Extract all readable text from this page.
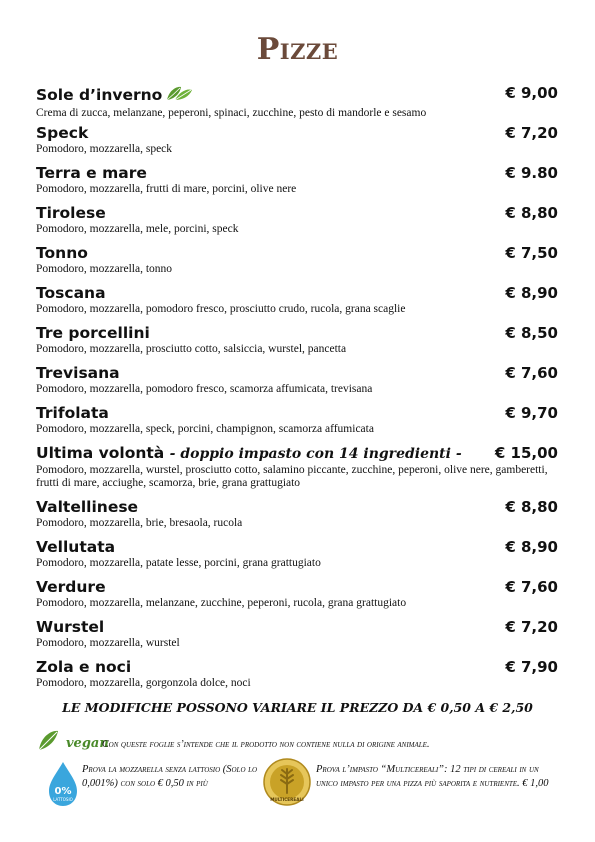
Pizze
Sole d’inverno	€ 9,00
Crema di zucca, melanzane, peperoni, spinaci, zucchine, pesto di mandorle e sesamo
Speck	€ 7,20
Pomodoro, mozzarella, speck
Terra e mare	€ 9.80
Pomodoro, mozzarella, frutti di mare, porcini, olive nere
Tirolese	€ 8,80
Pomodoro, mozzarella, mele, porcini, speck
Tonno	€ 7,50
Pomodoro, mozzarella, tonno
Toscana	€ 8,90
Pomodoro, mozzarella, pomodoro fresco, prosciutto crudo, rucola, grana scaglie
Tre porcellini	€ 8,50
Pomodoro, mozzarella, prosciutto cotto, salsiccia, wurstel, pancetta
Trevisana	€ 7,60
Pomodoro, mozzarella, pomodoro fresco, scamorza affumicata, trevisana
Trifolata	€ 9,70
Pomodoro, mozzarella, speck, porcini, champignon, scamorza affumicata
Ultima volontà - doppio impasto con 14 ingredienti -	€ 15,00
Pomodoro, mozzarella, wurstel, prosciutto cotto, salamino piccante, zucchine, peperoni, olive nere, gamberetti, frutti di mare, acciughe, scamorza, brie, grana grattugiato
Valtellinese	€ 8,80
Pomodoro, mozzarella, brie, bresaola, rucola
Vellutata	€ 8,90
Pomodoro, mozzarella, patate lesse, porcini, grana grattugiato
Verdure	€ 7,60
Pomodoro, mozzarella, melanzane, zucchine, peperoni, rucola, grana grattugiato
Wurstel	€ 7,20
Pomodoro, mozzarella, wurstel
Zola e noci	€ 7,90
Pomodoro, mozzarella, gorgonzola dolce, noci
LE MODIFICHE POSSONO VARIARE IL PREZZO DA € 0,50 A € 2,50
vegan
Con queste foglie s’intende che il prodotto non contiene nulla di origine animale.
0%
LATTOSIO
Prova la mozzarella senza lattosio (Solo lo 0,001%) con solo € 0,50 in più
MULTICEREALI
Prova l’impasto “Multicereali”: 12 tipi di cereali in un unico impasto per una pizza più saporita e nutriente. € 1,00
